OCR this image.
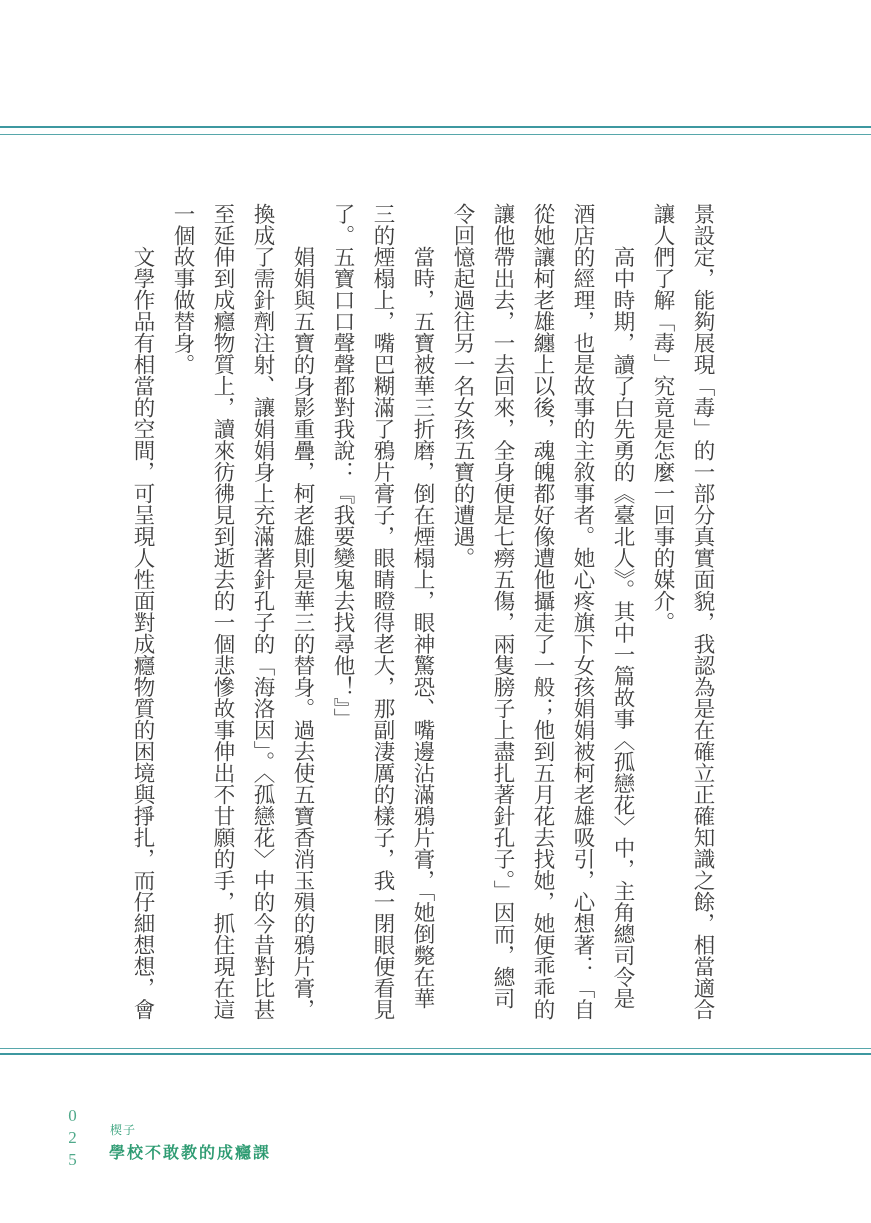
景設定，能夠展現「毒」的一部分真實面貌，我認為是在確立正確知識之餘，相當適合讓人們了解「毒」究竟是怎麼一回事的媒介。

高中時期，讀了白先勇的《臺北人》。其中一篇故事〈孤戀花〉中，主角總司令是酒店的經理，也是故事的主敘事者。她心疼旗下女孩娟娟被柯老雄吸引，心想著：「自從她讓柯老雄纏上以後，魂魄都好像遭他攝走了一般；他到五月花去找她，她便乖乖的讓他帶出去，一去回來，全身便是七癆五傷，兩隻膀子上盡扎著針孔子。」因而，總司令回憶起過往另一名女孩五寶的遭遇。

當時，五寶被華三折磨，倒在煙榻上，眼神驚恐、嘴邊沾滿鴉片膏，「她倒斃在華三的煙榻上，嘴巴糊滿了鴉片膏子，眼睛瞪得老大，那副淒厲的樣子，我一閉眼便看見了。五寶口口聲聲都對我說：『我要變鬼去找尋他！』」

娟娟與五寶的身影重疊，柯老雄則是華三的替身。過去使五寶香消玉殞的鴉片膏，換成了需針劑注射、讓娟娟身上充滿著針孔子的「海洛因」。〈孤戀花〉中的今昔對比甚至延伸到成癮物質上，讀來彷彿見到逝去的一個悲慘故事伸出不甘願的手，抓住現在這一個故事做替身。

文學作品有相當的空間，可呈現人性面對成癮物質的困境與掙扎，而仔細想想，會

025 楔子
學校不敢教的成癮課
